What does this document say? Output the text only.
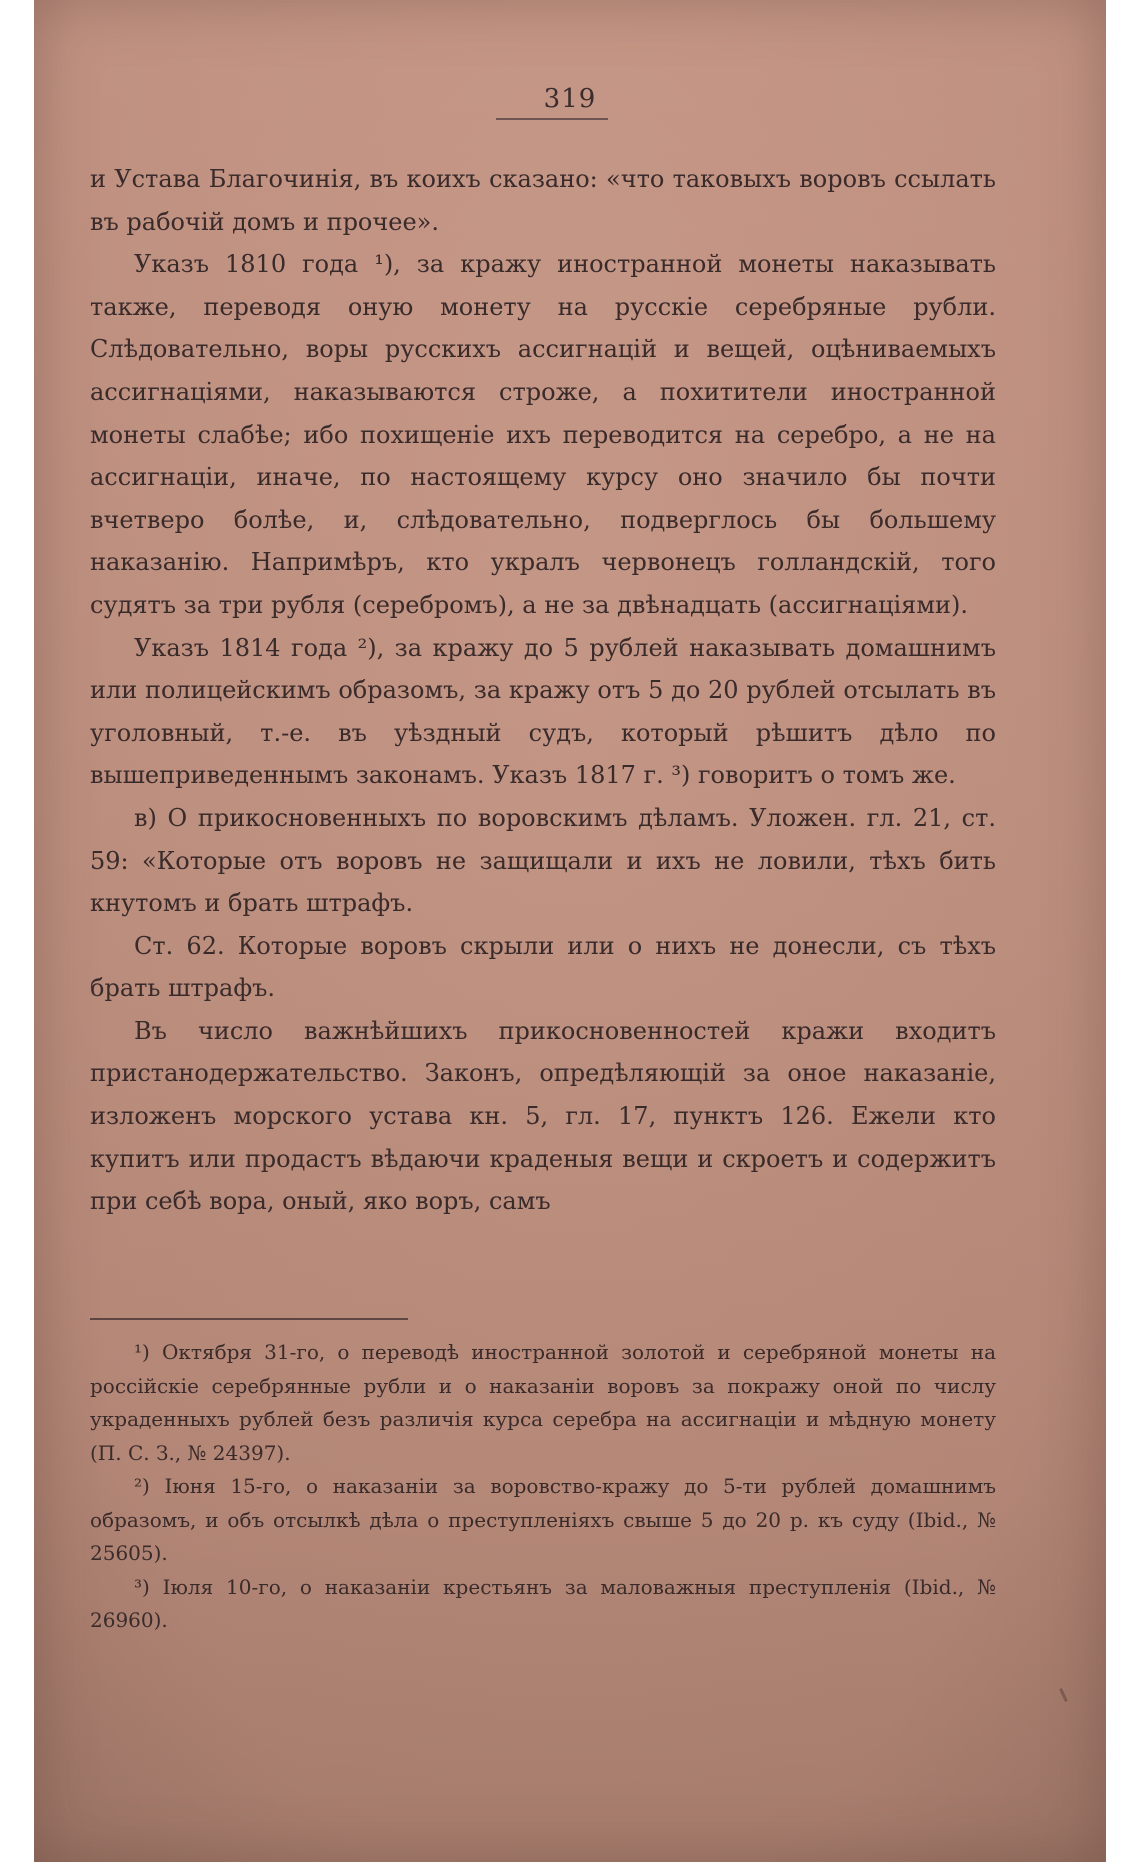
319

и Устава Благочинія, въ коихъ сказано: «что таковыхъ воровъ ссылать въ рабочій домъ и прочее».

Указъ 1810 года ¹), за кражу иностранной монеты наказывать также, переводя оную монету на русскіе серебряные рубли. Слѣдовательно, воры русскихъ ассигнацій и вещей, оцѣниваемыхъ ассигнаціями, наказываются строже, а похитители иностранной монеты слабѣе; ибо похищеніе ихъ переводится на серебро, а не на ассигнаціи, иначе, по настоящему курсу оно значило бы почти вчетверо болѣе, и, слѣдовательно, подверглось бы большему наказанію. Напримѣръ, кто укралъ червонецъ голландскій, того судятъ за три рубля (серебромъ), а не за двѣнадцать (ассигнаціями).

Указъ 1814 года ²), за кражу до 5 рублей наказывать домашнимъ или полицейскимъ образомъ, за кражу отъ 5 до 20 рублей отсылать въ уголовный, т.-е. въ уѣздный судъ, который рѣшитъ дѣло по вышеприведеннымъ законамъ. Указъ 1817 г. ³) говоритъ о томъ же.

в) О прикосновенныхъ по воровскимъ дѣламъ. Уложен. гл. 21, ст. 59: «Которые отъ воровъ не защищали и ихъ не ловили, тѣхъ бить кнутомъ и брать штрафъ.

Ст. 62. Которые воровъ скрыли или о нихъ не донесли, съ тѣхъ брать штрафъ.

Въ число важнѣйшихъ прикосновенностей кражи входитъ пристанодержательство. Законъ, опредѣляющій за оное наказаніе, изложенъ морского устава кн. 5, гл. 17, пунктъ 126. Ежели кто купитъ или продастъ вѣдаючи краденыя вещи и скроетъ и содержитъ при себѣ вора, оный, яко воръ, самъ

¹) Октября 31-го, о переводѣ иностранной золотой и серебряной монеты на россійскіе серебрянные рубли и о наказаніи воровъ за покражу оной по числу украденныхъ рублей безъ различія курса серебра на ассигнаціи и мѣдную монету (П. С. З., № 24397).

²) Іюня 15-го, о наказаніи за воровство-кражу до 5-ти рублей домашнимъ образомъ, и объ отсылкѣ дѣла о преступленіяхъ свыше 5 до 20 р. къ суду (Ibid., № 25605).

³) Іюля 10-го, о наказаніи крестьянъ за маловажныя преступленія (Ibid., № 26960).
